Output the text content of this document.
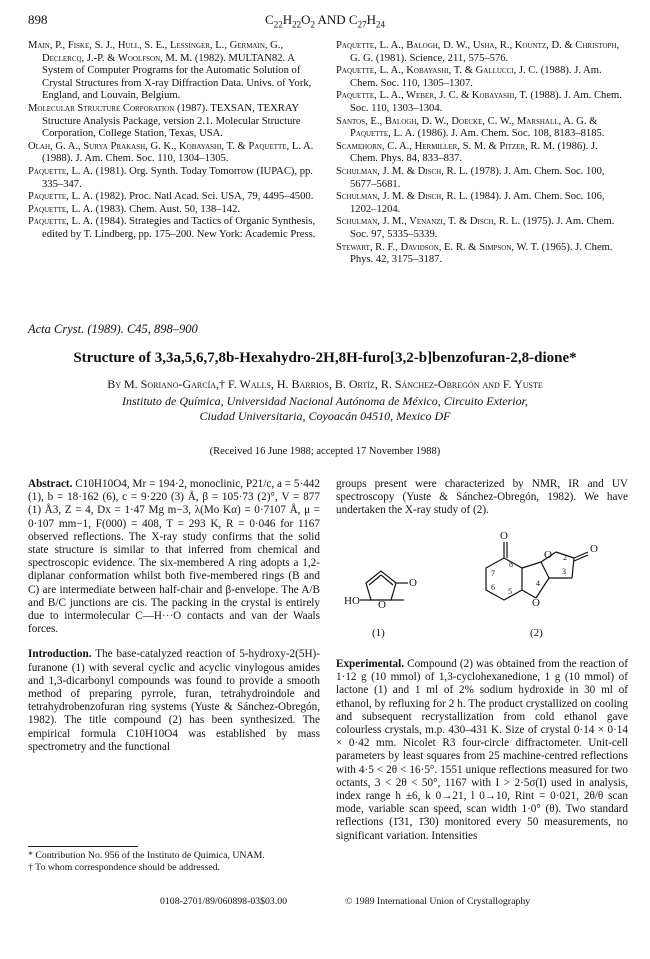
898	$C_{22}H_{22}O_2$ AND $C_{27}H_{24}$

Main, P., Fiske, S. J., Hull, S. E., Lessinger, L., Germain, G., Declercq, J.-P. & Woolfson, M. M. (1982). MULTAN82. A System of Computer Programs for the Automatic Solution of Crystal Structures from X-ray Diffraction Data. Univs. of York, England, and Louvain, Belgium.

Molecular Structure Corporation (1987). TEXSAN, TEXRAY Structure Analysis Package, version 2.1. Molecular Structure Corporation, College Station, Texas, USA.

Olah, G. A., Surya Prakash, G. K., Kobayashi, T. & Paquette, L. A. (1988). J. Am. Chem. Soc. 110, 1304–1305.

Paquette, L. A. (1981). Org. Synth. Today Tomorrow (IUPAC), pp. 335–347.

Paquette, L. A. (1982). Proc. Natl Acad. Sci. USA, 79, 4495–4500.

Paquette, L. A. (1983). Chem. Aust. 50, 138–142.

Paquette, L. A. (1984). Strategies and Tactics of Organic Synthesis, edited by T. Lindberg, pp. 175–200. New York: Academic Press.

Paquette, L. A., Balogh, D. W., Usha, R., Kountz, D. & Christoph, G. G. (1981). Science, 211, 575–576.

Paquette, L. A., Kobayashi, T. & Gallucci, J. C. (1988). J. Am. Chem. Soc. 110, 1305–1307.

Paquette, L. A., Weber, J. C. & Kobayashi, T. (1988). J. Am. Chem. Soc. 110, 1303–1304.

Santos, E., Balogh, D. W., Doecke, C. W., Marshall, A. G. & Paquette, L. A. (1986). J. Am. Chem. Soc. 108, 8183–8185.

Scamehorn, C. A., Hermiller, S. M. & Pitzer, R. M. (1986). J. Chem. Phys. 84, 833–837.

Schulman, J. M. & Disch, R. L. (1978). J. Am. Chem. Soc. 100, 5677–5681.

Schulman, J. M. & Disch, R. L. (1984). J. Am. Chem. Soc. 106, 1202–1204.

Schulman, J. M., Venanzi, T. & Disch, R. L. (1975). J. Am. Chem. Soc. 97, 5335–5339.

Stewart, R. F., Davidson, E. R. & Simpson, W. T. (1965). J. Chem. Phys. 42, 3175–3187.

Acta Cryst. (1989). C45, 898–900
Structure of 3,3a,5,6,7,8b-Hexahydro-2H,8H-furo[3,2-b]benzofuran-2,8-dione*
By M. Soriano-García,† F. Walls, H. Barrios, B. Ortíz, R. Sánchez-Obregón and F. Yuste
Instituto de Química, Universidad Nacional Autónoma de México, Circuito Exterior,
Ciudad Universitaria, Coyoacán 04510, Mexico DF
(Received 16 June 1988; accepted 17 November 1988)

Abstract. C10H10O4, Mr = 194·2, monoclinic, P21/c, a = 5·442 (1), b = 18·162 (6), c = 9·220 (3) Å, β = 105·73 (2)°, V = 877 (1) Å3, Z = 4, Dx = 1·47 Mg m−3, λ(Mo Kα) = 0·7107 Å, μ = 0·107 mm−1, F(000) = 408, T = 293 K, R = 0·046 for 1167 observed reflections. The X-ray study confirms that the solid state structure is similar to that inferred from chemical and spectroscopic evidence. The six-membered A ring adopts a 1,2-diplanar conformation whilst both five-membered rings (B and C) are intermediate between half-chair and β-envelope. The A/B and B/C junctions are cis. The packing in the crystal is entirely due to intermolecular C—H···O contacts and van der Waals forces.

Introduction. The base-catalyzed reaction of 5-hydroxy-2(5H)-furanone (1) with several cyclic and acyclic vinylogous amides and 1,3-dicarbonyl compounds was found to provide a smooth method of preparing pyrrole, furan, tetrahydroindole and tetrahydrobenzofuran ring systems (Yuste & Sánchez-Obregón, 1982). The title compound (2) has been synthesized. The empirical formula C10H10O4 was established by mass spectrometry and the functional

* Contribution No. 956 of the Instituto de Química, UNAM.
† To whom correspondence should be addressed.

groups present were characterized by NMR, IR and UV spectroscopy (Yuste & Sánchez-Obregón, 1982). We have undertaken the X-ray study of (2).

HO O
O
(1)
O
O	O
O
(2)
8
7
6 5
4
3
2

Experimental. Compound (2) was obtained from the reaction of 1·12 g (10 mmol) of 1,3-cyclohexanedione, 1 g (10 mmol) of lactone (1) and 1 ml of 2% sodium hydroxide in 30 ml of ethanol, by refluxing for 2 h. The product crystallized on cooling and subsequent recrystallization from cold ethanol gave colourless crystals, m.p. 430–431 K. Size of crystal 0·14 × 0·14 × 0·42 mm. Nicolet R3 four-circle diffractometer. Unit-cell parameters by least squares from 25 machine-centred reflections with 4·5 < 2θ < 16·5°. 1551 unique reflections measured for two octants, 3 < 2θ < 50°, 1167 with I > 2·5σ(I) used in analysis, index range h ±6, k 0→21, l 0→10, Rint = 0·021, 2θ/θ scan mode, variable scan speed, scan width 1·0° (θ). Two standard reflections (1̄31, 1̄30) monitored every 50 measurements, no significant variation. Intensities

0108-2701/89/060898-03$03.00	© 1989 International Union of Crystallography
